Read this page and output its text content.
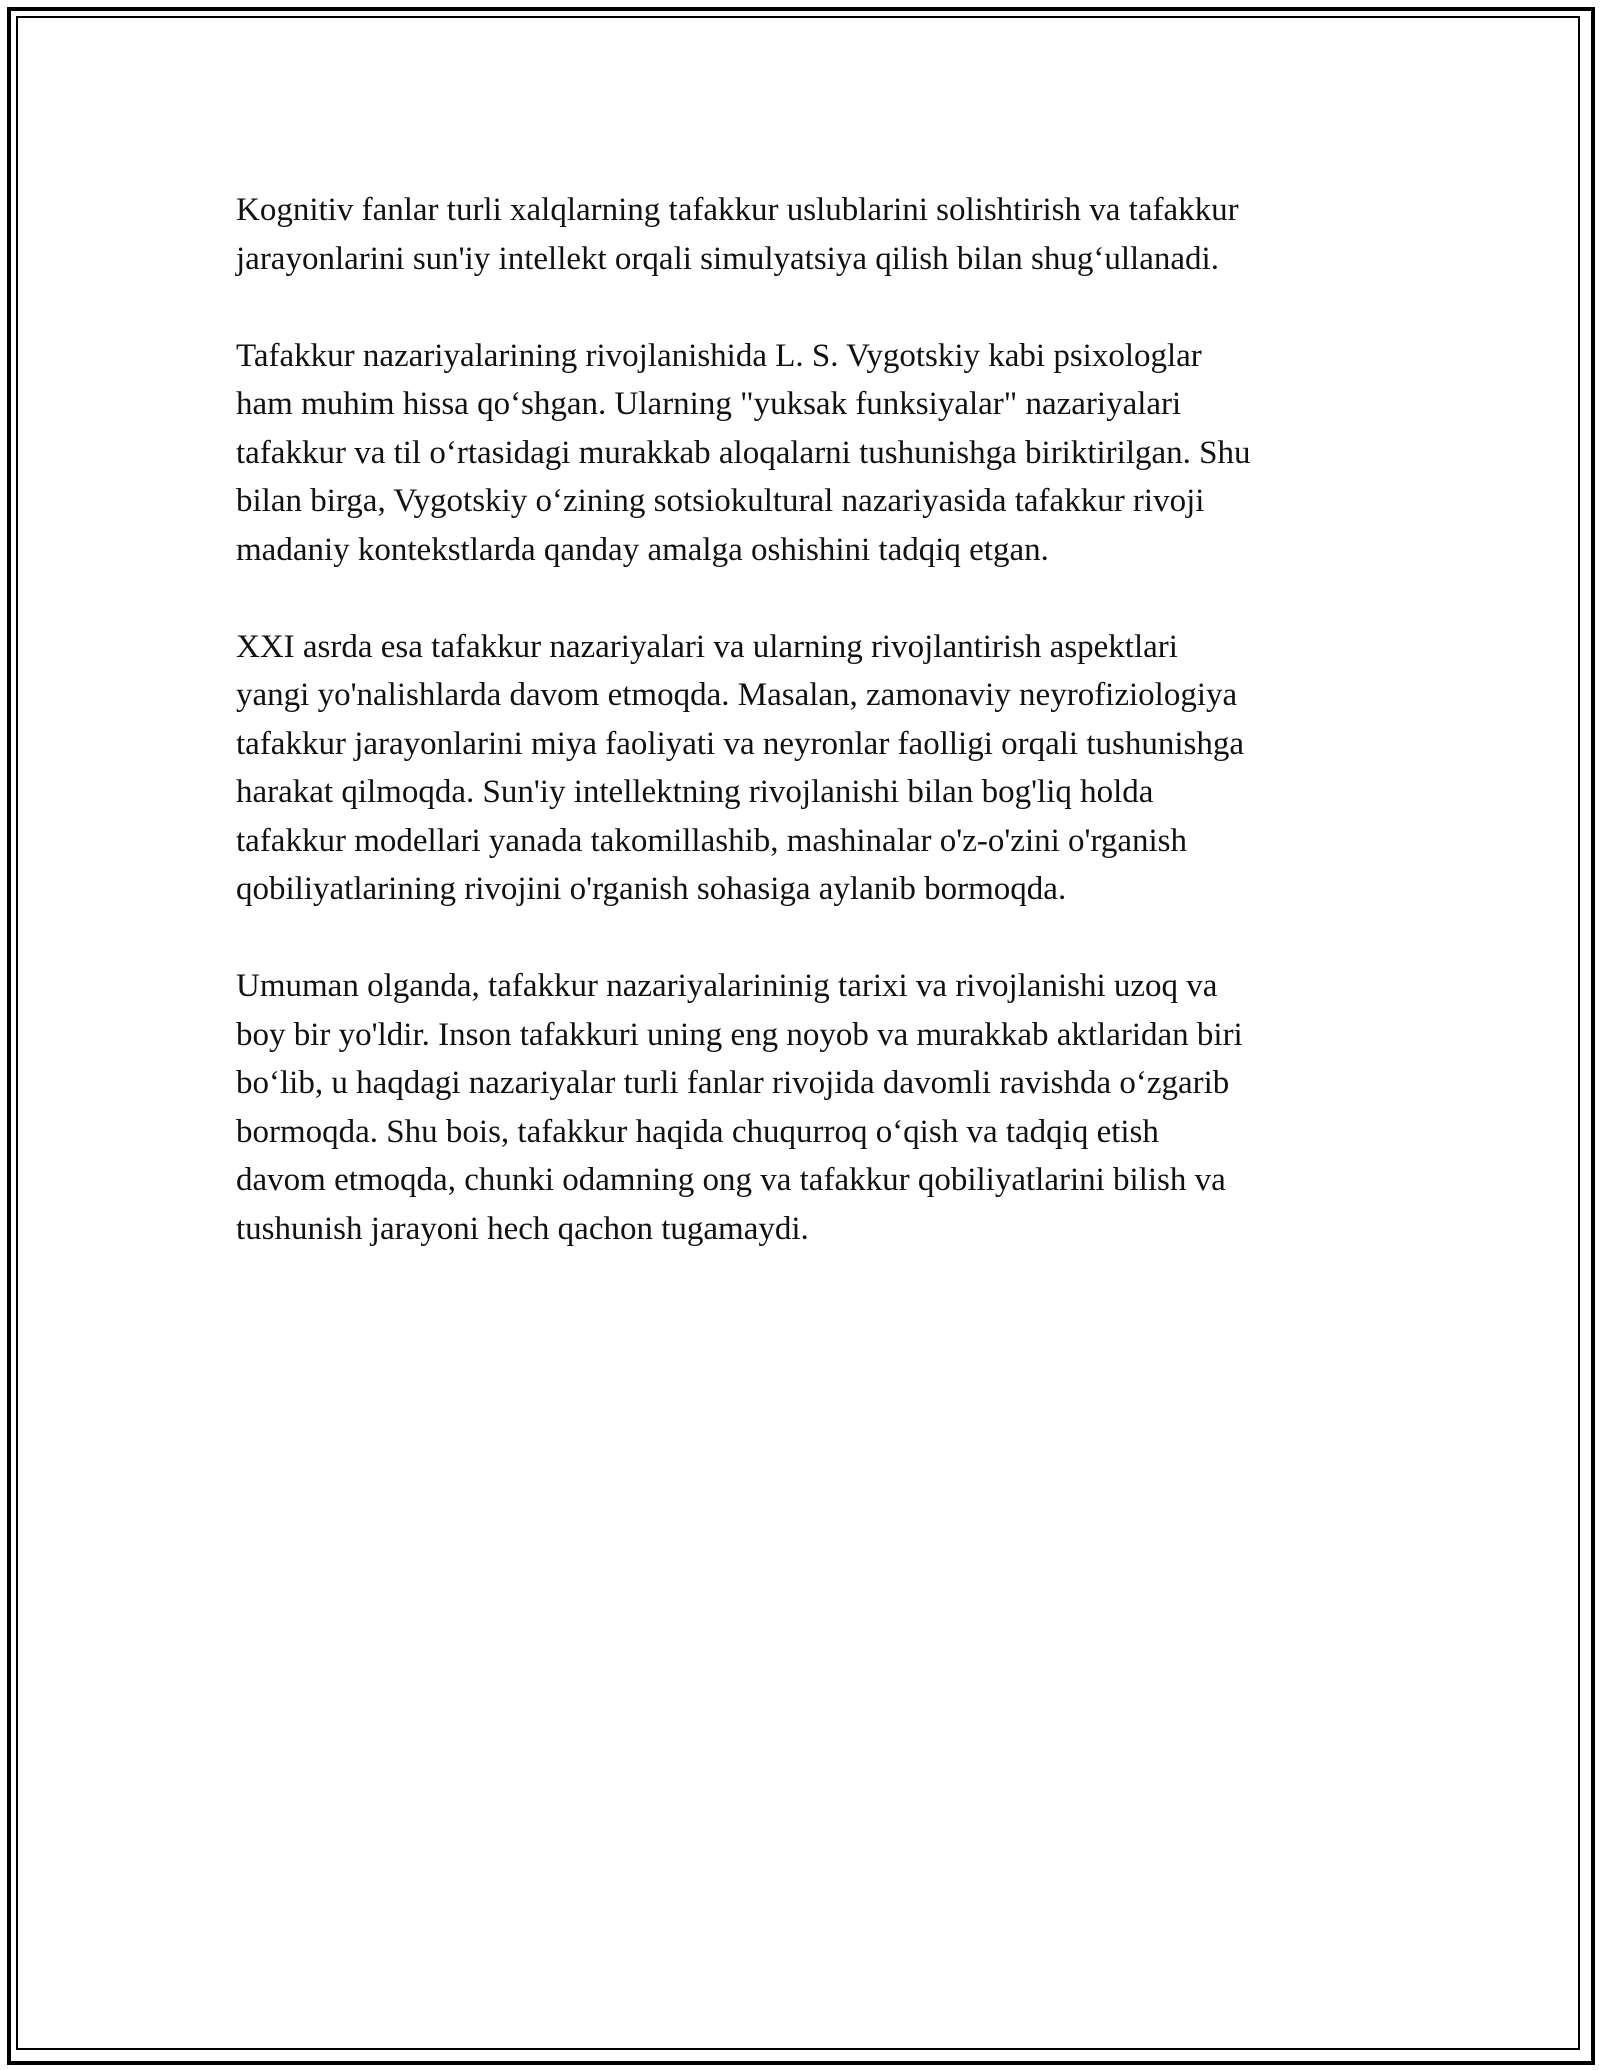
Kognitiv fanlar turli xalqlarning tafakkur uslublarini solishtirish va tafakkur
jarayonlarini sun'iy intellekt orqali simulyatsiya qilish bilan shug‘ullanadi.

Tafakkur nazariyalarining rivojlanishida L. S. Vygotskiy kabi psixologlar
ham muhim hissa qo‘shgan. Ularning "yuksak funksiyalar" nazariyalari
tafakkur va til o‘rtasidagi murakkab aloqalarni tushunishga biriktirilgan. Shu
bilan birga, Vygotskiy o‘zining sotsiokultural nazariyasida tafakkur rivoji
madaniy kontekstlarda qanday amalga oshishini tadqiq etgan.

XXI asrda esa tafakkur nazariyalari va ularning rivojlantirish aspektlari
yangi yo'nalishlarda davom etmoqda. Masalan, zamonaviy neyrofiziologiya
tafakkur jarayonlarini miya faoliyati va neyronlar faolligi orqali tushunishga
harakat qilmoqda. Sun'iy intellektning rivojlanishi bilan bog'liq holda
tafakkur modellari yanada takomillashib, mashinalar o'z-o'zini o'rganish
qobiliyatlarining rivojini o'rganish sohasiga aylanib bormoqda.

Umuman olganda, tafakkur nazariyalarininig tarixi va rivojlanishi uzoq va
boy bir yo'ldir. Inson tafakkuri uning eng noyob va murakkab aktlaridan biri
bo‘lib, u haqdagi nazariyalar turli fanlar rivojida davomli ravishda o‘zgarib
bormoqda. Shu bois, tafakkur haqida chuqurroq o‘qish va tadqiq etish
davom etmoqda, chunki odamning ong va tafakkur qobiliyatlarini bilish va
tushunish jarayoni hech qachon tugamaydi.
